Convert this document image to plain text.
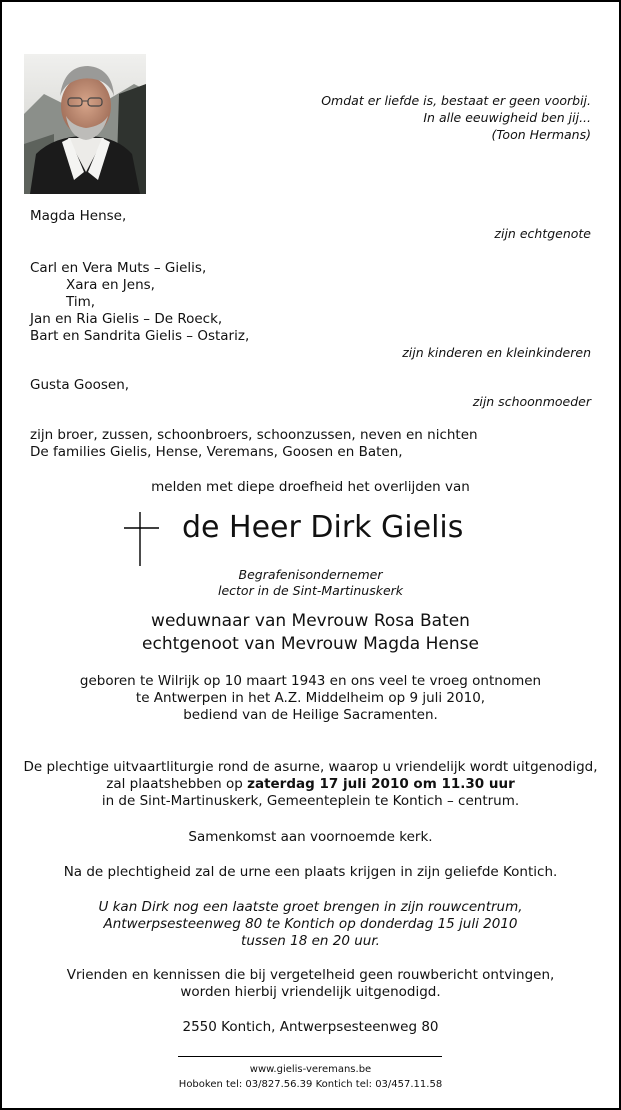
Omdat er liefde is, bestaat er geen voorbij.
In alle eeuwigheid ben jij...
(Toon Hermans)
Magda Hense,
zijn echtgenote
Carl en Vera Muts – Gielis,
Xara en Jens,
Tim,
Jan en Ria Gielis – De Roeck,
Bart en Sandrita Gielis – Ostariz,
zijn kinderen en kleinkinderen
Gusta Goosen,
zijn schoonmoeder
zijn broer, zussen, schoonbroers, schoonzussen, neven en nichten
De families Gielis, Hense, Veremans, Goosen en Baten,
melden met diepe droefheid het overlijden van
de Heer Dirk Gielis
Begrafenisondernemer
lector in de Sint-Martinuskerk
weduwnaar van Mevrouw Rosa Baten
echtgenoot van Mevrouw Magda Hense
geboren te Wilrijk op 10 maart 1943 en ons veel te vroeg ontnomen
te Antwerpen in het A.Z. Middelheim op 9 juli 2010,
bediend van de Heilige Sacramenten.
De plechtige uitvaartliturgie rond de asurne, waarop u vriendelijk wordt uitgenodigd,
zal plaatshebben op zaterdag 17 juli 2010 om 11.30 uur
in de Sint-Martinuskerk, Gemeenteplein te Kontich – centrum.
Samenkomst aan voornoemde kerk.
Na de plechtigheid zal de urne een plaats krijgen in zijn geliefde Kontich.
U kan Dirk nog een laatste groet brengen in zijn rouwcentrum,
Antwerpsesteenweg 80 te Kontich op donderdag 15 juli 2010
tussen 18 en 20 uur.
Vrienden en kennissen die bij vergetelheid geen rouwbericht ontvingen,
worden hierbij vriendelijk uitgenodigd.
2550 Kontich, Antwerpsesteenweg 80
www.gielis-veremans.be
Hoboken tel: 03/827.56.39 Kontich tel: 03/457.11.58
